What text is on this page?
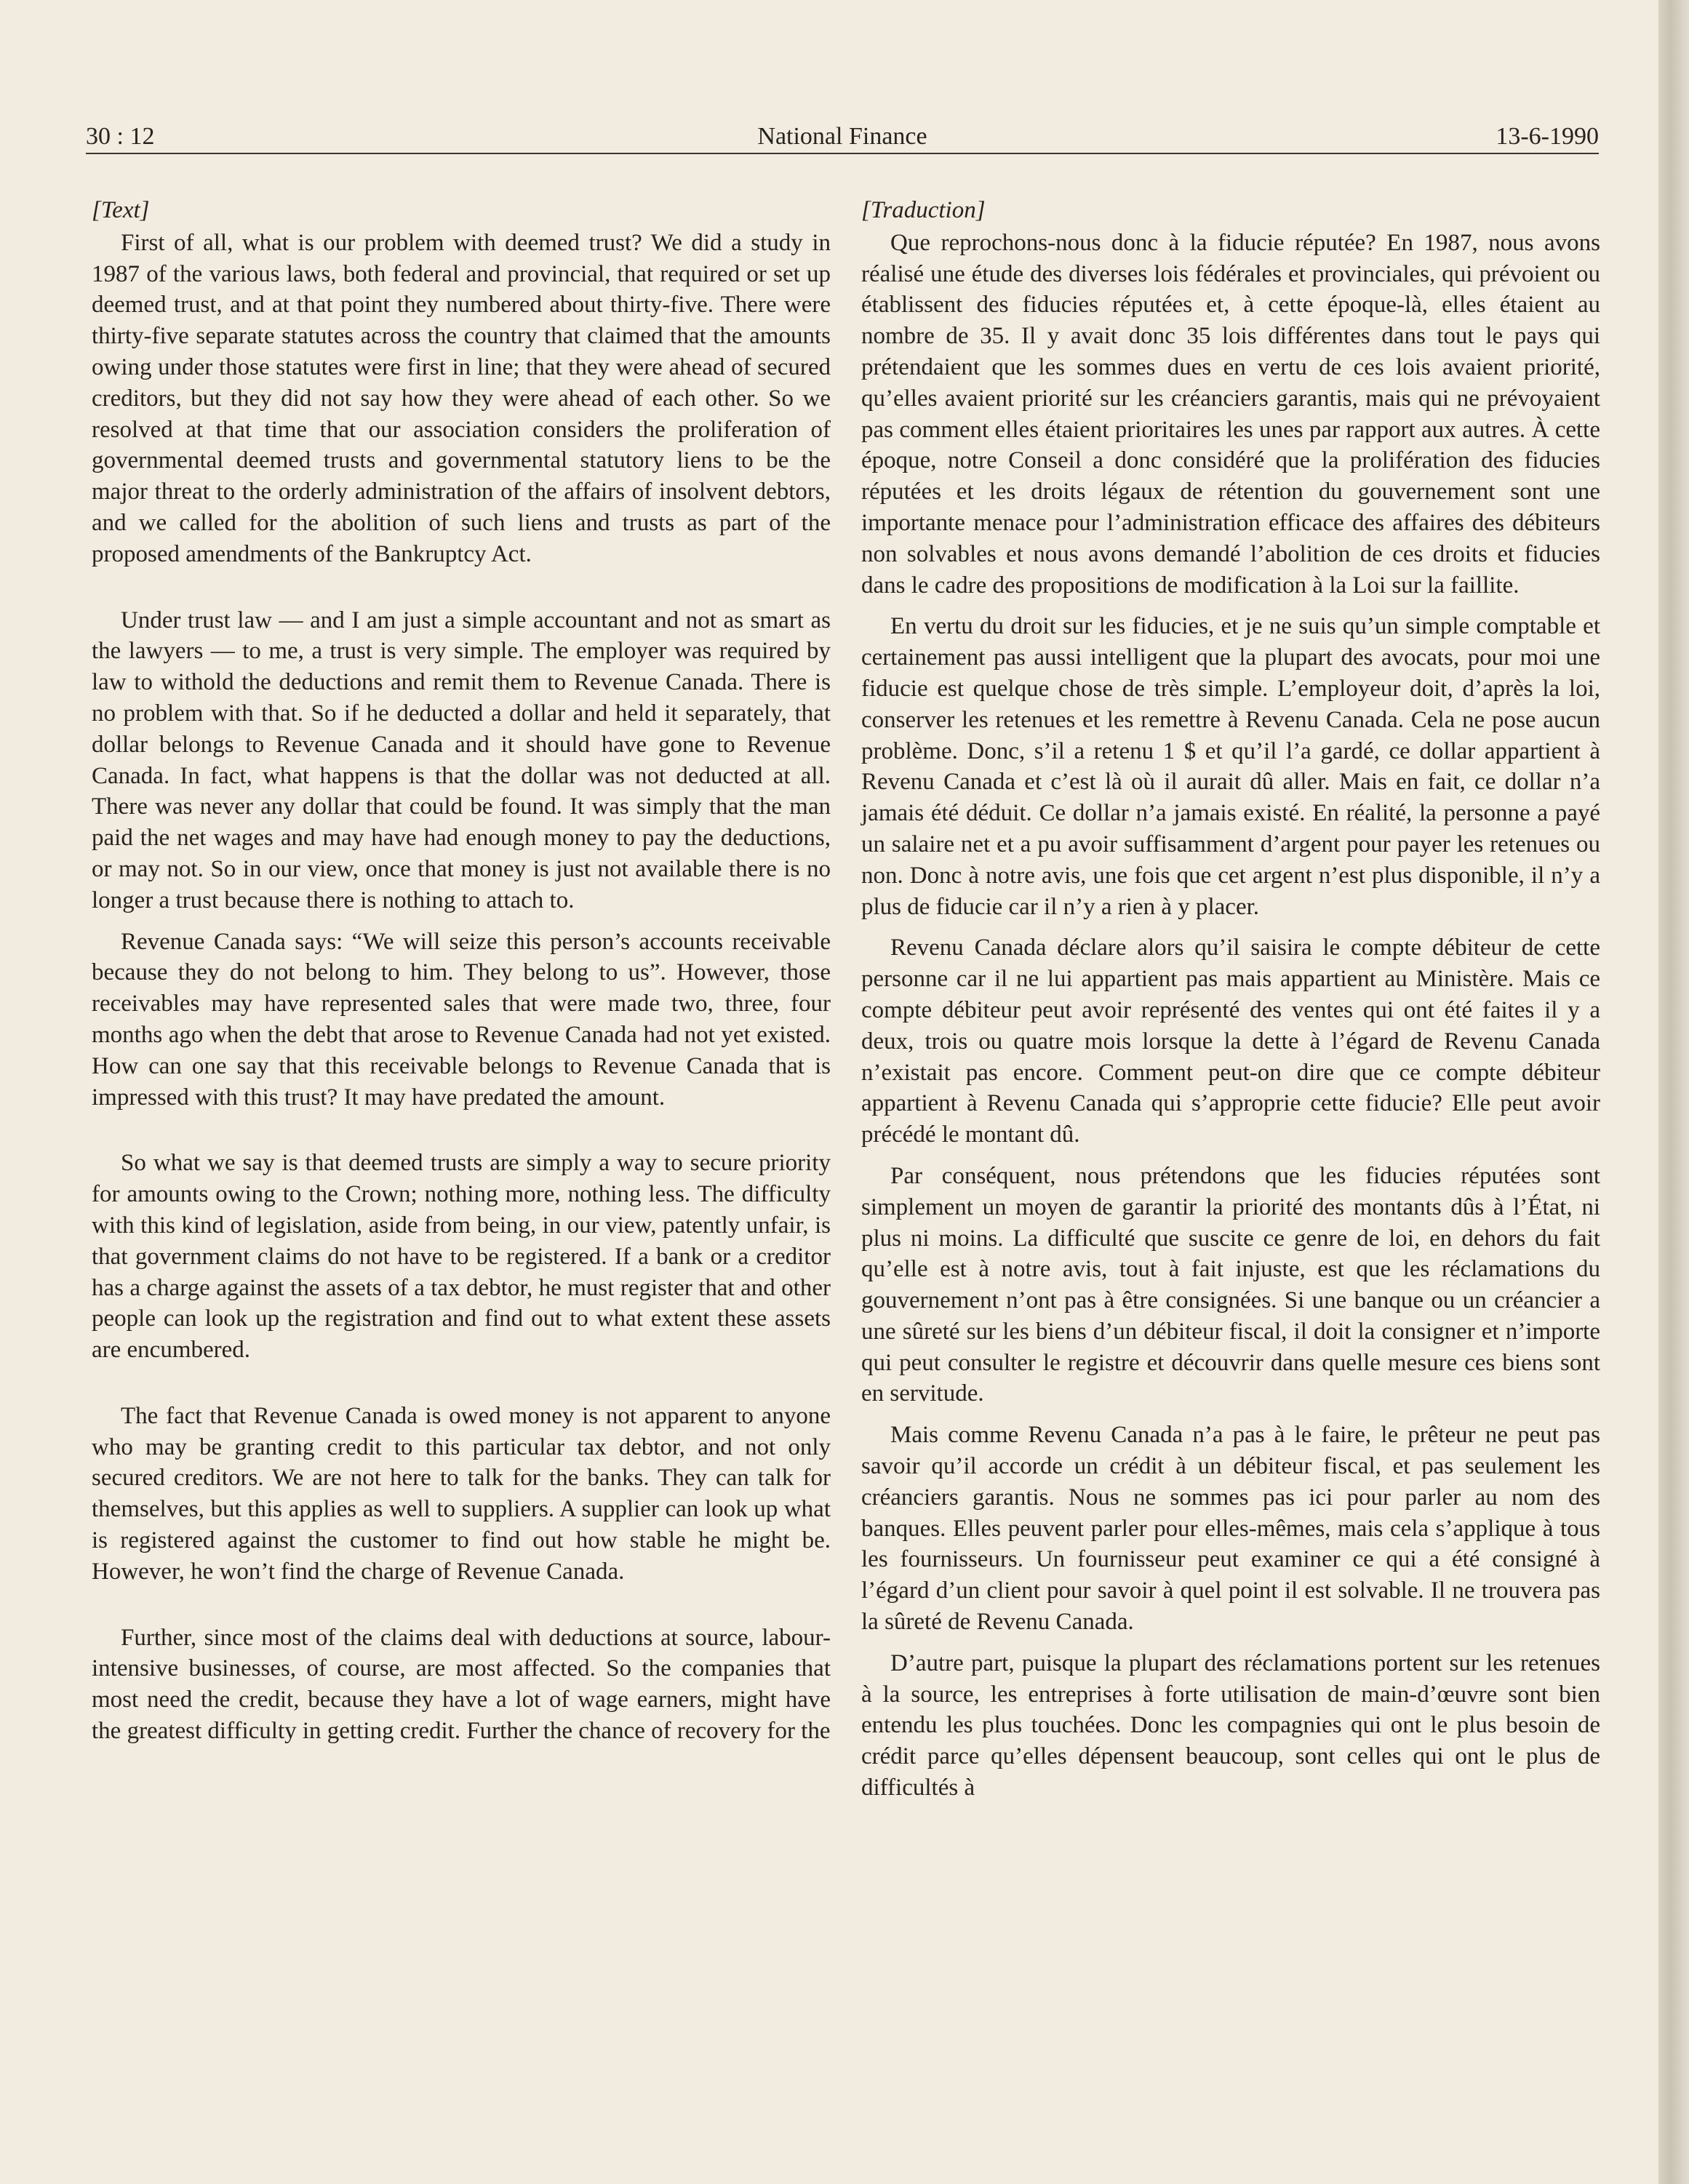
30 : 12	National Finance	13-6-1990
[Text]

First of all, what is our problem with deemed trust? We did a study in 1987 of the various laws, both federal and provincial, that required or set up deemed trust, and at that point they numbered about thirty-five. There were thirty-five separate statutes across the country that claimed that the amounts owing under those statutes were first in line; that they were ahead of secured creditors, but they did not say how they were ahead of each other. So we resolved at that time that our association considers the proliferation of governmental deemed trusts and governmental statutory liens to be the major threat to the orderly administration of the affairs of insolvent debtors, and we called for the abolition of such liens and trusts as part of the proposed amendments of the Bankruptcy Act.

Under trust law — and I am just a simple accountant and not as smart as the lawyers — to me, a trust is very simple. The employer was required by law to withold the deductions and remit them to Revenue Canada. There is no problem with that. So if he deducted a dollar and held it separately, that dollar belongs to Revenue Canada and it should have gone to Revenue Canada. In fact, what happens is that the dollar was not deducted at all. There was never any dollar that could be found. It was simply that the man paid the net wages and may have had enough money to pay the deductions, or may not. So in our view, once that money is just not available there is no longer a trust because there is nothing to attach to.

Revenue Canada says: “We will seize this person’s accounts receivable because they do not belong to him. They belong to us”. However, those receivables may have represented sales that were made two, three, four months ago when the debt that arose to Revenue Canada had not yet existed. How can one say that this receivable belongs to Revenue Canada that is impressed with this trust? It may have predated the amount.

So what we say is that deemed trusts are simply a way to secure priority for amounts owing to the Crown; nothing more, nothing less. The difficulty with this kind of legislation, aside from being, in our view, patently unfair, is that government claims do not have to be registered. If a bank or a creditor has a charge against the assets of a tax debtor, he must register that and other people can look up the registration and find out to what extent these assets are encumbered.

The fact that Revenue Canada is owed money is not apparent to anyone who may be granting credit to this particular tax debtor, and not only secured creditors. We are not here to talk for the banks. They can talk for themselves, but this applies as well to suppliers. A supplier can look up what is registered against the customer to find out how stable he might be. However, he won’t find the charge of Revenue Canada.

Further, since most of the claims deal with deductions at source, labour-intensive businesses, of course, are most affected. So the companies that most need the credit, because they have a lot of wage earners, might have the greatest difficulty in getting credit. Further the chance of recovery for the

[Traduction]

Que reprochons-nous donc à la fiducie réputée? En 1987, nous avons réalisé une étude des diverses lois fédérales et provinciales, qui prévoient ou établissent des fiducies réputées et, à cette époque-là, elles étaient au nombre de 35. Il y avait donc 35 lois différentes dans tout le pays qui prétendaient que les sommes dues en vertu de ces lois avaient priorité, qu’elles avaient priorité sur les créanciers garantis, mais qui ne prévoyaient pas comment elles étaient prioritaires les unes par rapport aux autres. À cette époque, notre Conseil a donc considéré que la prolifération des fiducies réputées et les droits légaux de rétention du gouvernement sont une importante menace pour l’administration efficace des affaires des débiteurs non solvables et nous avons demandé l’abolition de ces droits et fiducies dans le cadre des propositions de modification à la Loi sur la faillite.

En vertu du droit sur les fiducies, et je ne suis qu’un simple comptable et certainement pas aussi intelligent que la plupart des avocats, pour moi une fiducie est quelque chose de très simple. L’employeur doit, d’après la loi, conserver les retenues et les remettre à Revenu Canada. Cela ne pose aucun problème. Donc, s’il a retenu 1 $ et qu’il l’a gardé, ce dollar appartient à Revenu Canada et c’est là où il aurait dû aller. Mais en fait, ce dollar n’a jamais été déduit. Ce dollar n’a jamais existé. En réalité, la personne a payé un salaire net et a pu avoir suffisamment d’argent pour payer les retenues ou non. Donc à notre avis, une fois que cet argent n’est plus disponible, il n’y a plus de fiducie car il n’y a rien à y placer.

Revenu Canada déclare alors qu’il saisira le compte débiteur de cette personne car il ne lui appartient pas mais appartient au Ministère. Mais ce compte débiteur peut avoir représenté des ventes qui ont été faites il y a deux, trois ou quatre mois lorsque la dette à l’égard de Revenu Canada n’existait pas encore. Comment peut-on dire que ce compte débiteur appartient à Revenu Canada qui s’approprie cette fiducie? Elle peut avoir précédé le montant dû.

Par conséquent, nous prétendons que les fiducies réputées sont simplement un moyen de garantir la priorité des montants dûs à l’État, ni plus ni moins. La difficulté que suscite ce genre de loi, en dehors du fait qu’elle est à notre avis, tout à fait injuste, est que les réclamations du gouvernement n’ont pas à être consignées. Si une banque ou un créancier a une sûreté sur les biens d’un débiteur fiscal, il doit la consigner et n’importe qui peut consulter le registre et découvrir dans quelle mesure ces biens sont en servitude.

Mais comme Revenu Canada n’a pas à le faire, le prêteur ne peut pas savoir qu’il accorde un crédit à un débiteur fiscal, et pas seulement les créanciers garantis. Nous ne sommes pas ici pour parler au nom des banques. Elles peuvent parler pour elles-mêmes, mais cela s’applique à tous les fournisseurs. Un fournisseur peut examiner ce qui a été consigné à l’égard d’un client pour savoir à quel point il est solvable. Il ne trouvera pas la sûreté de Revenu Canada.

D’autre part, puisque la plupart des réclamations portent sur les retenues à la source, les entreprises à forte utilisation de main-d’œuvre sont bien entendu les plus touchées. Donc les compagnies qui ont le plus besoin de crédit parce qu’elles dépensent beaucoup, sont celles qui ont le plus de difficultés à
